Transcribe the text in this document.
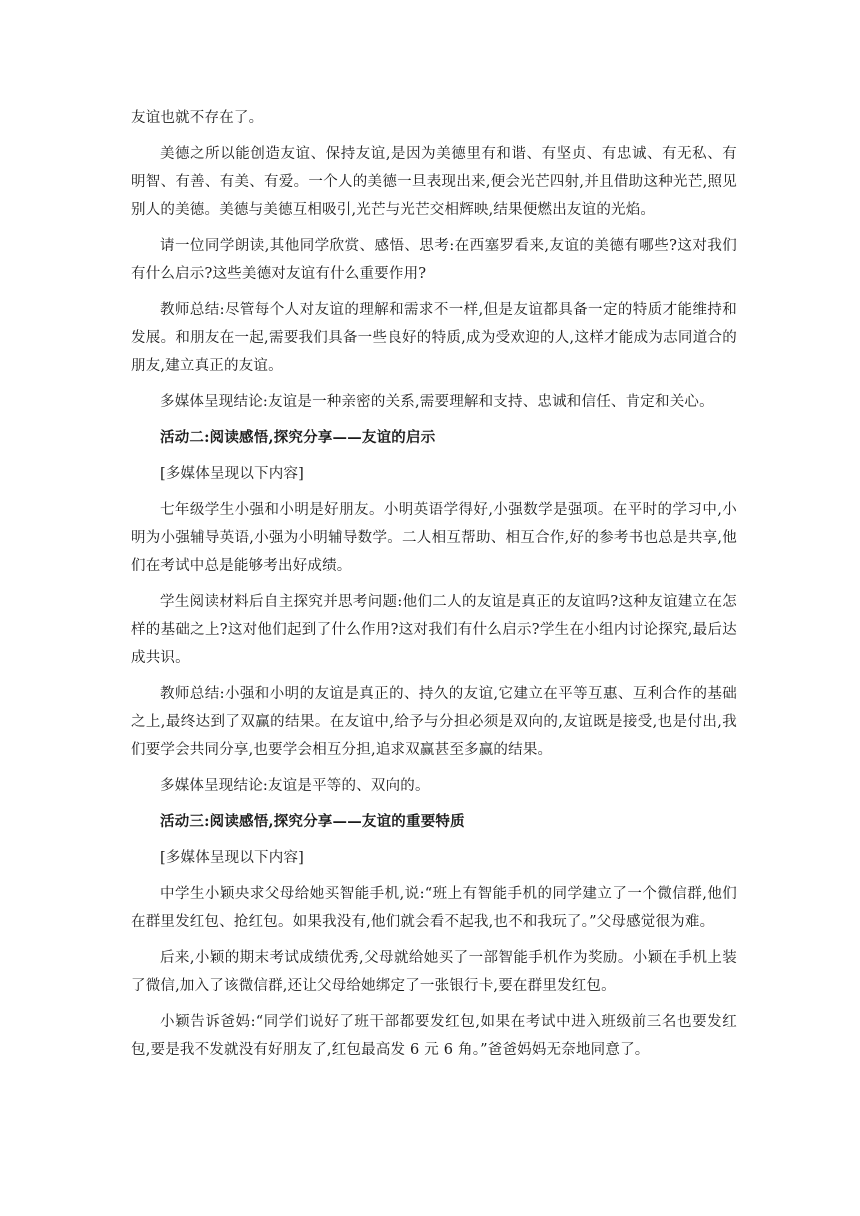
友谊也就不存在了。

美德之所以能创造友谊、保持友谊,是因为美德里有和谐、有坚贞、有忠诚、有无私、有明智、有善、有美、有爱。一个人的美德一旦表现出来,便会光芒四射,并且借助这种光芒,照见别人的美德。美德与美德互相吸引,光芒与光芒交相辉映,结果便燃出友谊的光焰。

请一位同学朗读,其他同学欣赏、感悟、思考:在西塞罗看来,友谊的美德有哪些?这对我们有什么启示?这些美德对友谊有什么重要作用?

教师总结:尽管每个人对友谊的理解和需求不一样,但是友谊都具备一定的特质才能维持和发展。和朋友在一起,需要我们具备一些良好的特质,成为受欢迎的人,这样才能成为志同道合的朋友,建立真正的友谊。

多媒体呈现结论:友谊是一种亲密的关系,需要理解和支持、忠诚和信任、肯定和关心。

活动二:阅读感悟,探究分享——友谊的启示

[多媒体呈现以下内容]

七年级学生小强和小明是好朋友。小明英语学得好,小强数学是强项。在平时的学习中,小明为小强辅导英语,小强为小明辅导数学。二人相互帮助、相互合作,好的参考书也总是共享,他们在考试中总是能够考出好成绩。

学生阅读材料后自主探究并思考问题:他们二人的友谊是真正的友谊吗?这种友谊建立在怎样的基础之上?这对他们起到了什么作用?这对我们有什么启示?学生在小组内讨论探究,最后达成共识。

教师总结:小强和小明的友谊是真正的、持久的友谊,它建立在平等互惠、互利合作的基础之上,最终达到了双赢的结果。在友谊中,给予与分担必须是双向的,友谊既是接受,也是付出,我们要学会共同分享,也要学会相互分担,追求双赢甚至多赢的结果。

多媒体呈现结论:友谊是平等的、双向的。

活动三:阅读感悟,探究分享——友谊的重要特质

[多媒体呈现以下内容]

中学生小颖央求父母给她买智能手机,说:“班上有智能手机的同学建立了一个微信群,他们在群里发红包、抢红包。如果我没有,他们就会看不起我,也不和我玩了。”父母感觉很为难。

后来,小颖的期末考试成绩优秀,父母就给她买了一部智能手机作为奖励。小颖在手机上装了微信,加入了该微信群,还让父母给她绑定了一张银行卡,要在群里发红包。

小颖告诉爸妈:“同学们说好了班干部都要发红包,如果在考试中进入班级前三名也要发红包,要是我不发就没有好朋友了,红包最高发 6 元 6 角。”爸爸妈妈无奈地同意了。
